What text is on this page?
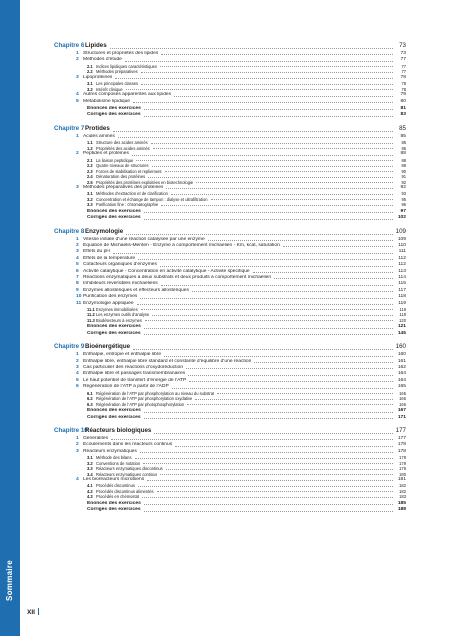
Sommaire
XII
Chapitre 6 Lipides	73
1 Structures et propriétés des lipides	73
2 Méthodes d’étude	77
2.1 Indices lipidiques caractéristiques	77
2.2 Méthodes préparatives	77
3 Lipoprotéines	78
3.1 Les principales classes	78
3.2 Intérêt clinique	78
4 Autres composés apparentés aux lipides	79
5 Métabolisme lipidique	80
Énoncés des exercices	81
Corrigés des exercices	83
Chapitre 7 Protides	85
1 Acides aminés	85
1.1 Structure des acides aminés	85
1.2 Propriétés des acides aminés	86
2 Peptides et protéines	88
2.1 La liaison peptidique	88
2.2 Quatre niveaux de structures	88
2.3 Forces de stabilisation et repliement	90
2.4 Dénaturation des protéines	91
2.5 Propriétés des protéines exploitées en biotechnologie	92
3 Méthodes préparatives des protéines	92
3.1 Méthodes d’extraction et de clarification	93
3.2 Concentration et échange de tampon : dialyse et ultrafiltration	95
3.3 Purification fine : chromatographie	96
Énoncés des exercices	97
Corrigés des exercices	102
Chapitre 8 Enzymologie	109
1 Vitesse initiale d’une réaction catalysée par une enzyme	109
2 Équation de Michaelis-Menten - Enzyme à comportement michaélien - Km, kcat, saturation	110
3 Effets du pH	111
4 Effets de la température	112
5 Cofacteurs organiques d’enzymes	112
6 Activité catalytique - Concentration en activité catalytique - Activité spécifique	113
7 Réactions enzymatiques à deux substrats et deux produits à comportement michaélien	114
8 Inhibiteurs réversibles michaéliens	115
9 Enzymes allostériques et effecteurs allostériques	117
10 Purification des enzymes	118
11 Enzymologie appliquée	119
11.1 Enzymes immobilisées	119
11.2 Les enzymes outils d’analyse	119
11.3 Biodétecteurs à enzymes	120
Énoncés des exercices	121
Corrigés des exercices	145
Chapitre 9 Bioénergétique	160
1 Enthalpie, entropie et enthalpie libre	160
2 Enthalpie libre, enthalpie libre standard et constante d’équilibre d’une réaction	161
3 Cas particulier des réactions d’oxydoréduction	162
4 Enthalpie libre et passages transmembranaires	164
5 Le haut potentiel de transfert d’énergie de l’ATP	164
6 Régénération de l’ATP à partir de l’ADP	165
6.1 Régénération de l’ATP par phosphorylation au niveau du substrat	165
6.2 Régénération de l’ATP par phosphorylation oxydative	166
6.3 Régénération de l’ATP par photophosphorylation	166
Énoncés des exercices	167
Corrigés des exercices	171
Chapitre 10
Réacteurs biologiques	177
1 Généralités	177
2 Écoulements dans les réacteurs continus	178
3 Réacteurs enzymatiques	178
3.1 Méthode des bilans	178
3.2 Conventions de notation	179
3.3 Réacteurs enzymatiques discontinus	179
3.4 Réacteurs enzymatiques continus	180
4 Les bioréacteurs microbiens	181
4.1 Procédés discontinus	182
4.2 Procédés discontinus alimentés	182
4.3 Procédés en chémostat	183
Énoncés des exercices	185
Corrigés des exercices	188
